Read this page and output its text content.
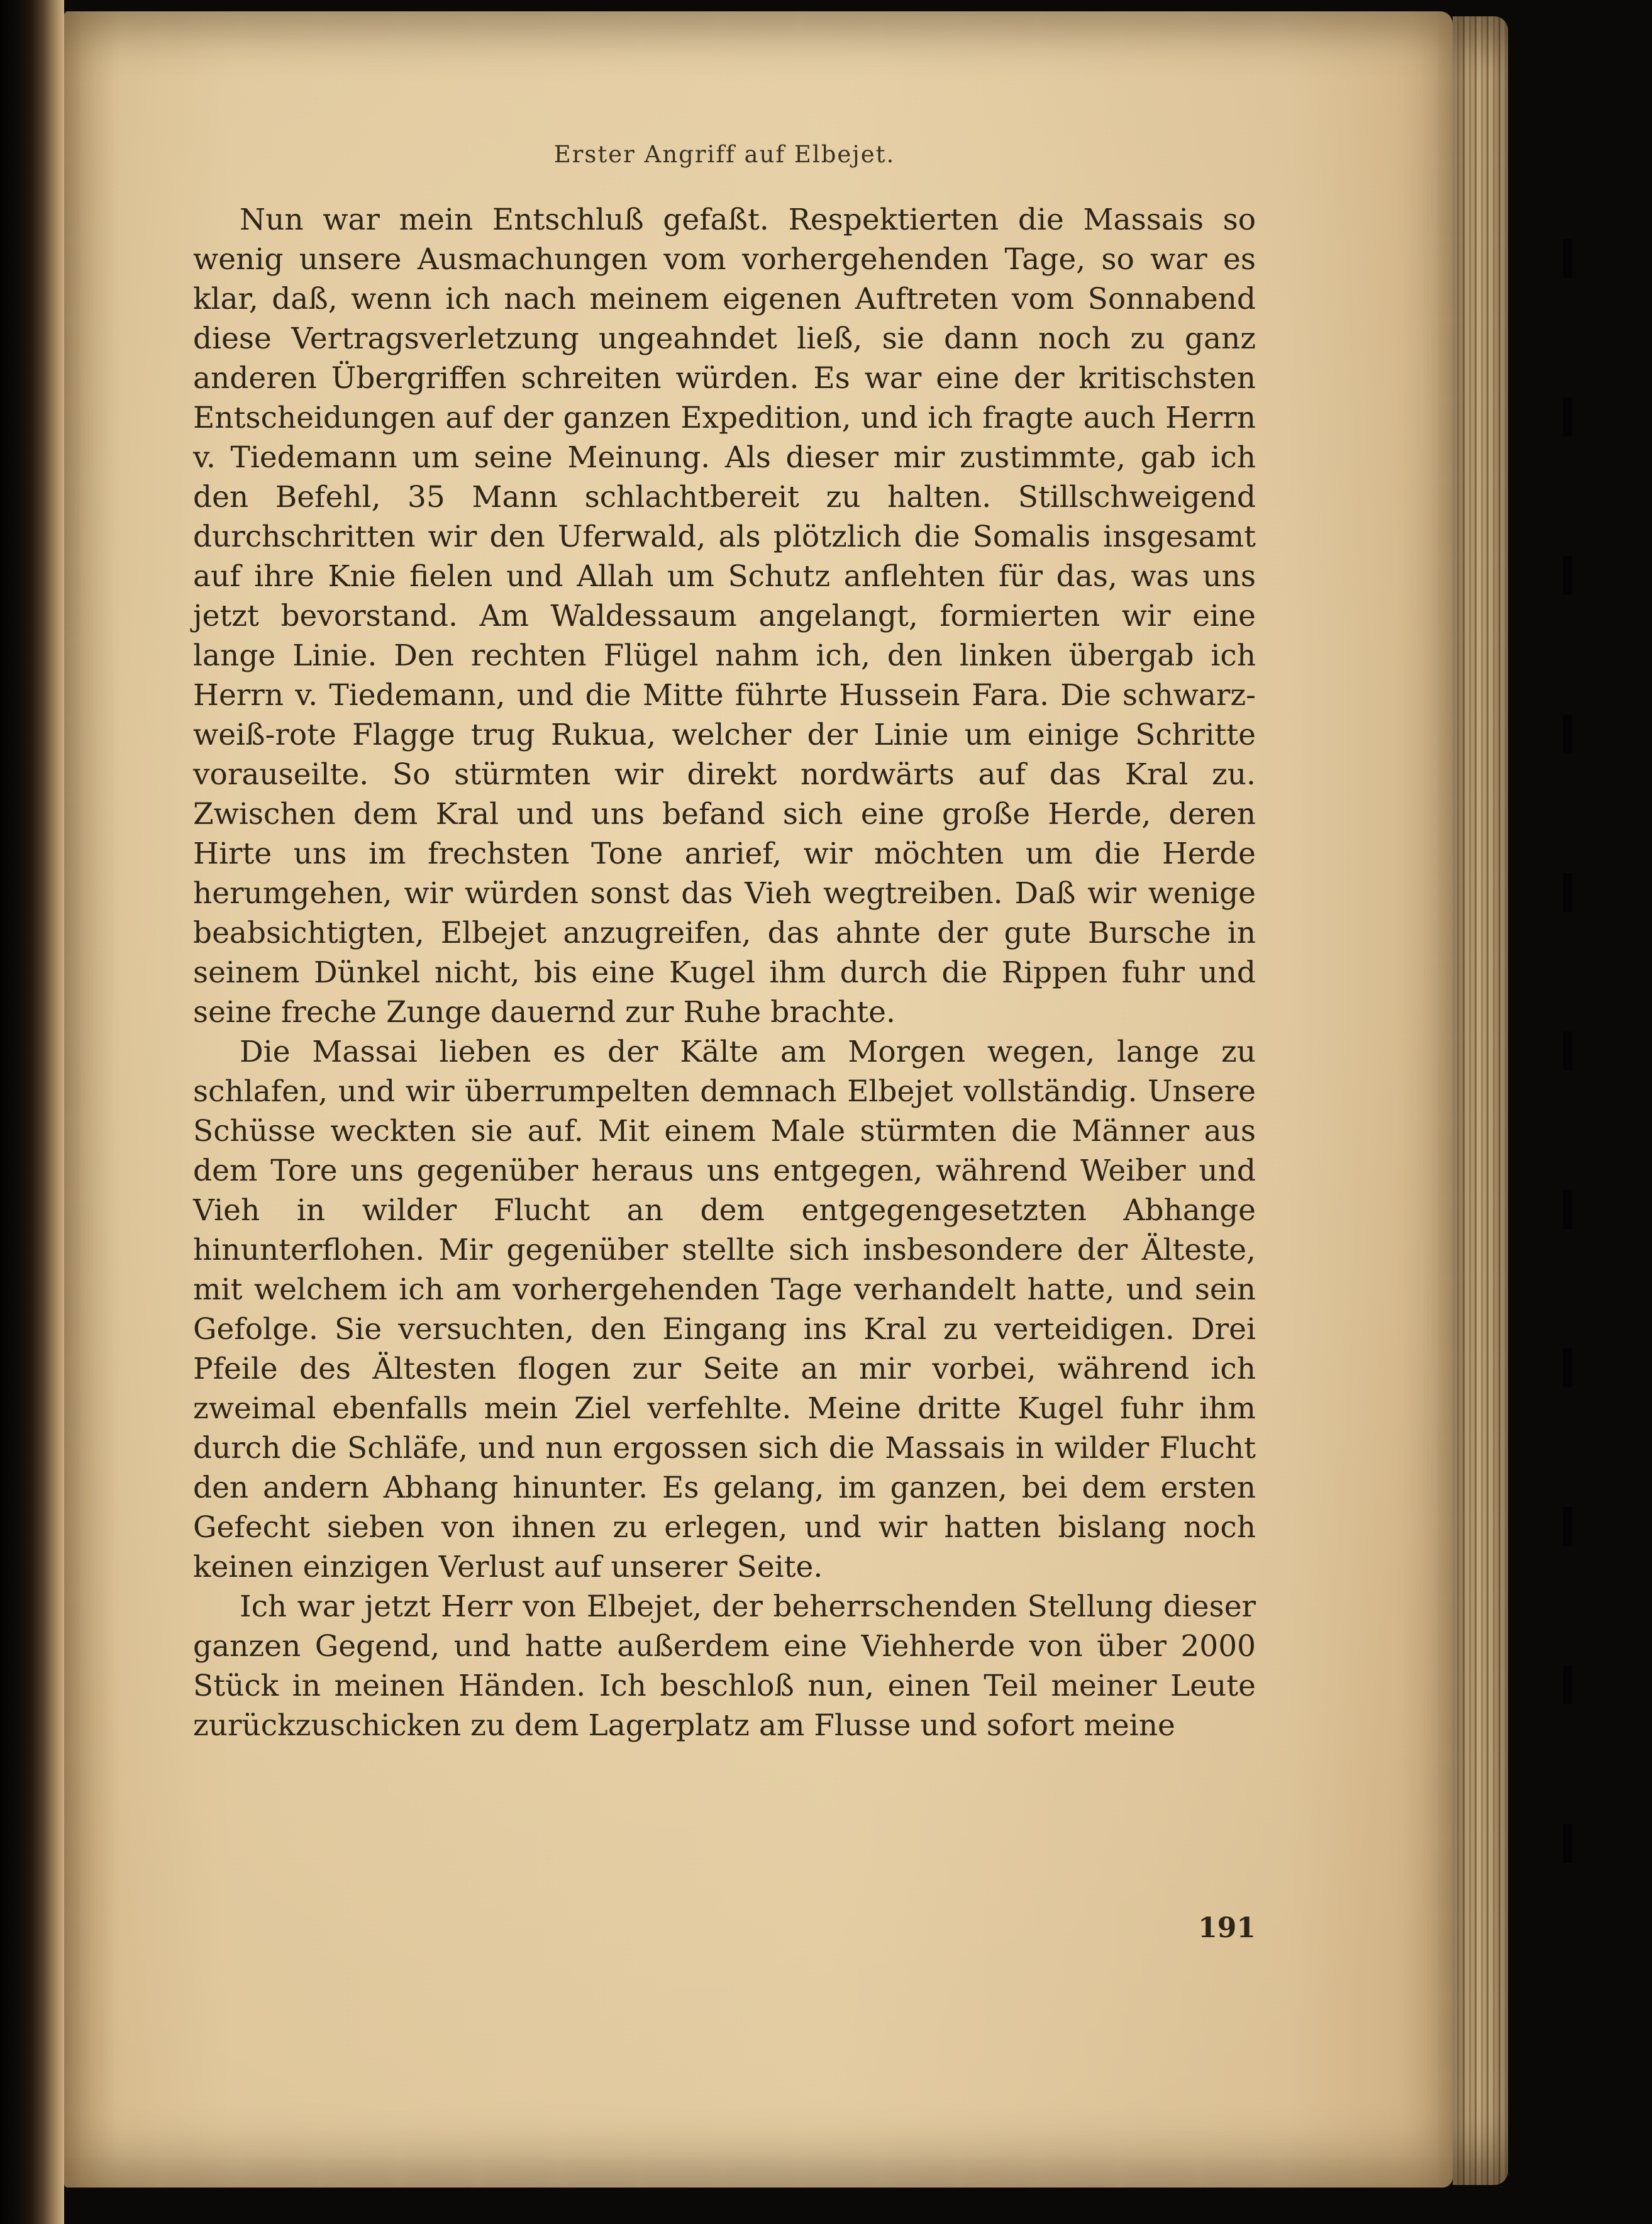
Erster Angriff auf Elbejet.

Nun war mein Entschluß gefaßt. Respektierten die Massais so wenig unsere Ausmachungen vom vorhergehenden Tage, so war es klar, daß, wenn ich nach meinem eigenen Auftreten vom Sonnabend diese Vertragsverletzung ungeahndet ließ, sie dann noch zu ganz anderen Übergriffen schreiten würden. Es war eine der kritischsten Entscheidungen auf der ganzen Expedition, und ich fragte auch Herrn v. Tiedemann um seine Meinung. Als dieser mir zustimmte, gab ich den Befehl, 35 Mann schlachtbereit zu halten. Stillschweigend durchschritten wir den Uferwald, als plötzlich die Somalis insgesamt auf ihre Knie fielen und Allah um Schutz anflehten für das, was uns jetzt bevorstand. Am Waldessaum angelangt, formierten wir eine lange Linie. Den rechten Flügel nahm ich, den linken übergab ich Herrn v. Tiedemann, und die Mitte führte Hussein Fara. Die schwarz-weiß-rote Flagge trug Rukua, welcher der Linie um einige Schritte vorauseilte. So stürmten wir direkt nordwärts auf das Kral zu. Zwischen dem Kral und uns befand sich eine große Herde, deren Hirte uns im frechsten Tone anrief, wir möchten um die Herde herumgehen, wir würden sonst das Vieh wegtreiben. Daß wir wenige beabsichtigten, Elbejet anzugreifen, das ahnte der gute Bursche in seinem Dünkel nicht, bis eine Kugel ihm durch die Rippen fuhr und seine freche Zunge dauernd zur Ruhe brachte.

Die Massai lieben es der Kälte am Morgen wegen, lange zu schlafen, und wir überrumpelten demnach Elbejet vollständig. Unsere Schüsse weckten sie auf. Mit einem Male stürmten die Männer aus dem Tore uns gegenüber heraus uns entgegen, während Weiber und Vieh in wilder Flucht an dem entgegengesetzten Abhange hinunterflohen. Mir gegenüber stellte sich insbesondere der Älteste, mit welchem ich am vorhergehenden Tage verhandelt hatte, und sein Gefolge. Sie versuchten, den Eingang ins Kral zu verteidigen. Drei Pfeile des Ältesten flogen zur Seite an mir vorbei, während ich zweimal ebenfalls mein Ziel verfehlte. Meine dritte Kugel fuhr ihm durch die Schläfe, und nun ergossen sich die Massais in wilder Flucht den andern Abhang hinunter. Es gelang, im ganzen, bei dem ersten Gefecht sieben von ihnen zu erlegen, und wir hatten bislang noch keinen einzigen Verlust auf unserer Seite.

Ich war jetzt Herr von Elbejet, der beherrschenden Stellung dieser ganzen Gegend, und hatte außerdem eine Viehherde von über 2000 Stück in meinen Händen. Ich beschloß nun, einen Teil meiner Leute zurückzuschicken zu dem Lagerplatz am Flusse und sofort meine

191
